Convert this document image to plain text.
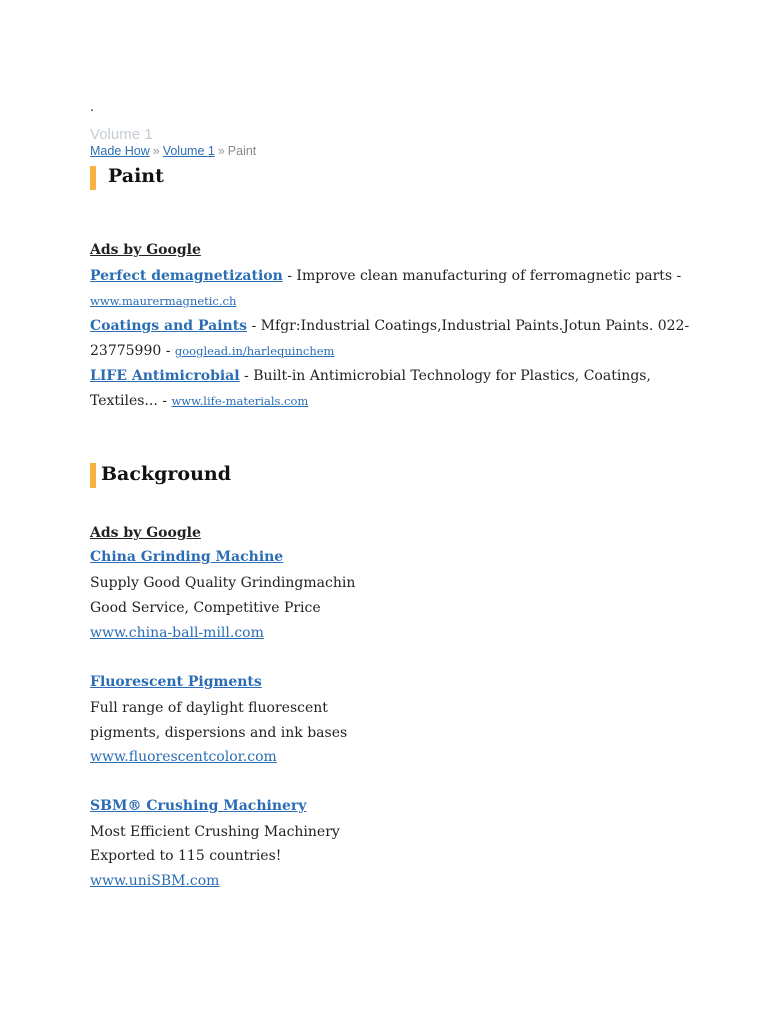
.
Volume 1
Made How » Volume 1 » Paint
Paint
Ads by Google
Perfect demagnetization - Improve clean manufacturing of ferromagnetic parts -
www.maurermagnetic.ch
Coatings and Paints - Mfgr:Industrial Coatings,Industrial Paints.Jotun Paints. 022-
23775990 - googlead.in/harlequinchem
LIFE Antimicrobial - Built-in Antimicrobial Technology for Plastics, Coatings,
Textiles... - www.life-materials.com
Background
Ads by Google
China Grinding Machine
Supply Good Quality Grindingmachin
Good Service, Competitive Price
www.china-ball-mill.com
Fluorescent Pigments
Full range of daylight fluorescent
pigments, dispersions and ink bases
www.fluorescentcolor.com
SBM® Crushing Machinery
Most Efficient Crushing Machinery
Exported to 115 countries!
www.uniSBM.com
